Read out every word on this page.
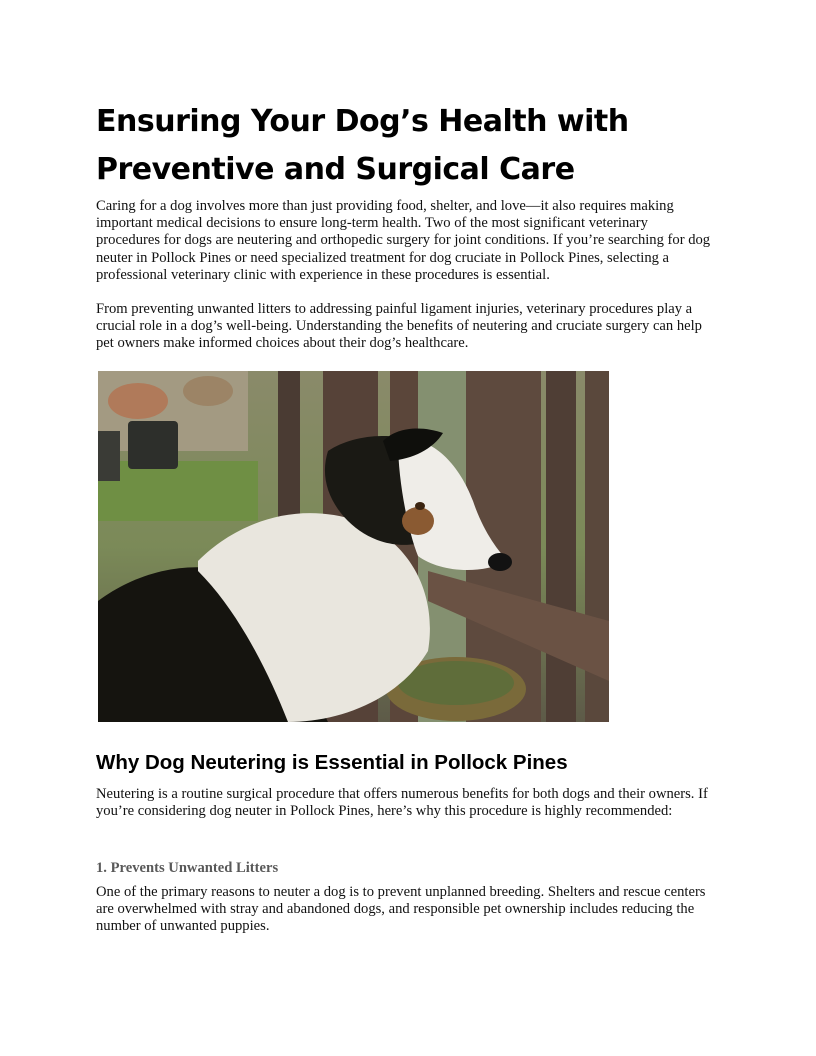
Ensuring Your Dog’s Health with Preventive and Surgical Care

Caring for a dog involves more than just providing food, shelter, and love—it also requires making important medical decisions to ensure long-term health. Two of the most significant veterinary procedures for dogs are neutering and orthopedic surgery for joint conditions. If you’re searching for dog neuter in Pollock Pines or need specialized treatment for dog cruciate in Pollock Pines, selecting a professional veterinary clinic with experience in these procedures is essential.

From preventing unwanted litters to addressing painful ligament injuries, veterinary procedures play a crucial role in a dog’s well-being. Understanding the benefits of neutering and cruciate surgery can help pet owners make informed choices about their dog’s healthcare.

Why Dog Neutering is Essential in Pollock Pines

Neutering is a routine surgical procedure that offers numerous benefits for both dogs and their owners. If you’re considering dog neuter in Pollock Pines, here’s why this procedure is highly recommended:

1. Prevents Unwanted Litters

One of the primary reasons to neuter a dog is to prevent unplanned breeding. Shelters and rescue centers are overwhelmed with stray and abandoned dogs, and responsible pet ownership includes reducing the number of unwanted puppies.
